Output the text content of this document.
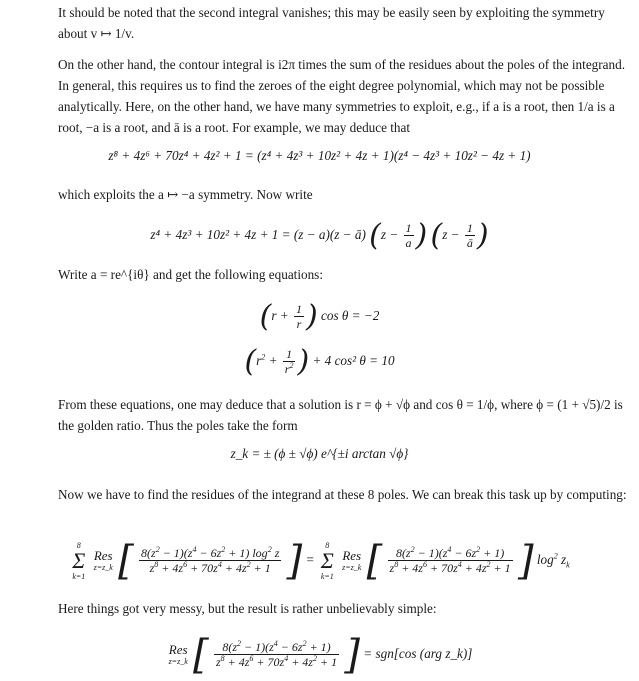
It should be noted that the second integral vanishes; this may be easily seen by exploiting the symmetry about v ↦ 1/v.
On the other hand, the contour integral is i2π times the sum of the residues about the poles of the integrand. In general, this requires us to find the zeroes of the eight degree polynomial, which may not be possible analytically. Here, on the other hand, we have many symmetries to exploit, e.g., if a is a root, then 1/a is a root, −a is a root, and ā is a root. For example, we may deduce that
z⁸ + 4z⁶ + 70z⁴ + 4z² + 1 = (z⁴ + 4z³ + 10z² + 4z + 1)(z⁴ − 4z³ + 10z² − 4z + 1)
which exploits the a ↦ −a symmetry. Now write
z⁴ + 4z³ + 10z² + 4z + 1 = (z − a)(z − ā) ($z - \frac{1}{a}$ ) ($z - \frac{1}{ā}$ )
Write a = re^{iθ} and get the following equations:
($r + \frac{1}{r}$ ) cos θ = −2
($r^2 + \frac{1}{r^2}$ ) + 4 cos² θ = 10
From these equations, one may deduce that a solution is r = ϕ + √ϕ and cos θ = 1/ϕ, where ϕ = (1 + √5)/2 is the golden ratio. Thus the poles take the form
z_k = ± (ϕ ± √ϕ) e^{±i arctan √ϕ}
Now we have to find the residues of the integrand at these 8 poles. We can break this task up by computing:
8
Σ
k=1
Res
z=z_k [ $\frac{8(z^2 - 1)(z^4 - 6z^2 + 1) \log^2 z}{z^8 + 4z^6 + 70z^4 + 4z^2 + 1}$ ] = 8
Σ
k=1
Res
z=z_k [ $\frac{8(z^2 - 1)(z^4 - 6z^2 + 1)}{z^8 + 4z^6 + 70z^4 + 4z^2 + 1}$ ] $\log^2 z_k$
Here things got very messy, but the result is rather unbelievably simple:
Res
z=z_k [ $\frac{8(z^2 - 1)(z^4 - 6z^2 + 1)}{z^8 + 4z^6 + 70z^4 + 4z^2 + 1}$ ] = sgn[cos (arg z_k)]
